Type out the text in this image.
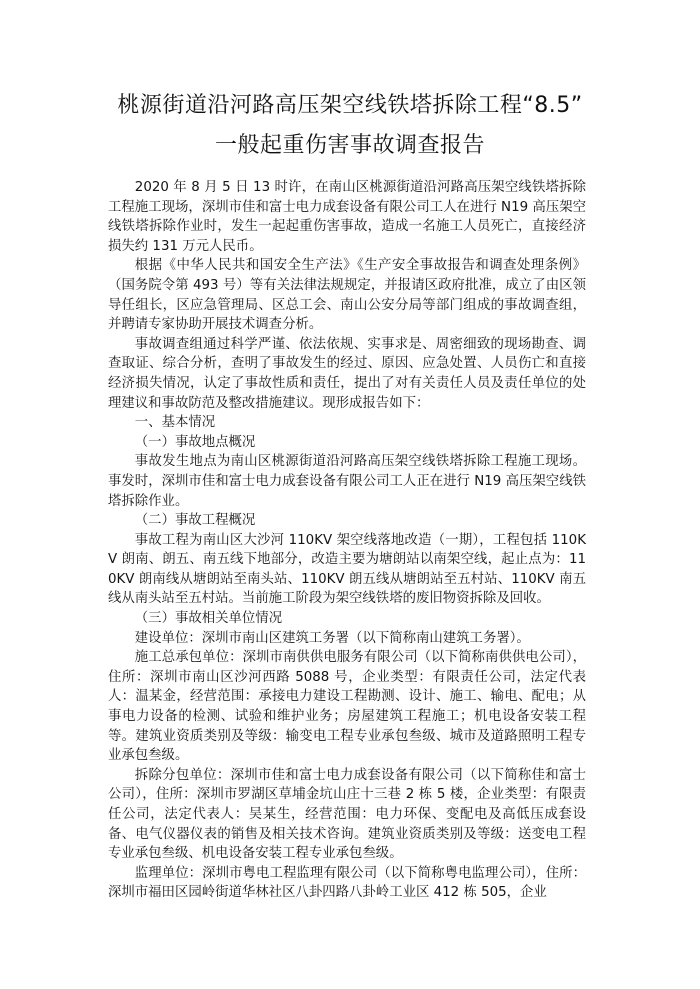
桃源街道沿河路高压架空线铁塔拆除工程“8.5”
一般起重伤害事故调查报告

2020 年 8 月 5 日 13 时许，在南山区桃源街道沿河路高压架空线铁塔拆除工程施工现场，深圳市佳和富士电力成套设备有限公司工人在进行 N19 高压架空线铁塔拆除作业时，发生一起起重伤害事故，造成一名施工人员死亡，直接经济损失约 131 万元人民币。

根据《中华人民共和国安全生产法》《生产安全事故报告和调查处理条例》（国务院令第 493 号）等有关法律法规规定，并报请区政府批准，成立了由区领导任组长，区应急管理局、区总工会、南山公安分局等部门组成的事故调查组，并聘请专家协助开展技术调查分析。

事故调查组通过科学严谨、依法依规、实事求是、周密细致的现场勘查、调查取证、综合分析，查明了事故发生的经过、原因、应急处置、人员伤亡和直接经济损失情况，认定了事故性质和责任，提出了对有关责任人员及责任单位的处理建议和事故防范及整改措施建议。现形成报告如下：

一、基本情况

（一）事故地点概况

事故发生地点为南山区桃源街道沿河路高压架空线铁塔拆除工程施工现场。事发时，深圳市佳和富士电力成套设备有限公司工人正在进行 N19 高压架空线铁塔拆除作业。

（二）事故工程概况

事故工程为南山区大沙河 110KV 架空线落地改造（一期），工程包括 110KV 朗南、朗五、南五线下地部分，改造主要为塘朗站以南架空线，起止点为：110KV 朗南线从塘朗站至南头站、110KV 朗五线从塘朗站至五村站、110KV 南五线从南头站至五村站。当前施工阶段为架空线铁塔的废旧物资拆除及回收。

（三）事故相关单位情况

建设单位：深圳市南山区建筑工务署（以下简称南山建筑工务署）。

施工总承包单位：深圳市南供供电服务有限公司（以下简称南供供电公司），住所：深圳市南山区沙河西路 5088 号，企业类型：有限责任公司，法定代表人：温某金，经营范围：承接电力建设工程勘测、设计、施工、输电、配电；从事电力设备的检测、试验和维护业务；房屋建筑工程施工；机电设备安装工程等。建筑业资质类别及等级：输变电工程专业承包叁级、城市及道路照明工程专业承包叁级。

拆除分包单位：深圳市佳和富士电力成套设备有限公司（以下简称佳和富士公司），住所：深圳市罗湖区草埔金坑山庄十三巷 2 栋 5 楼，企业类型：有限责任公司，法定代表人：吴某生，经营范围：电力环保、变配电及高低压成套设备、电气仪器仪表的销售及相关技术咨询。建筑业资质类别及等级：送变电工程专业承包叁级、机电设备安装工程专业承包叁级。

监理单位：深圳市粤电工程监理有限公司（以下简称粤电监理公司），住所：深圳市福田区园岭街道华林社区八卦四路八卦岭工业区 412 栋 505，企业
